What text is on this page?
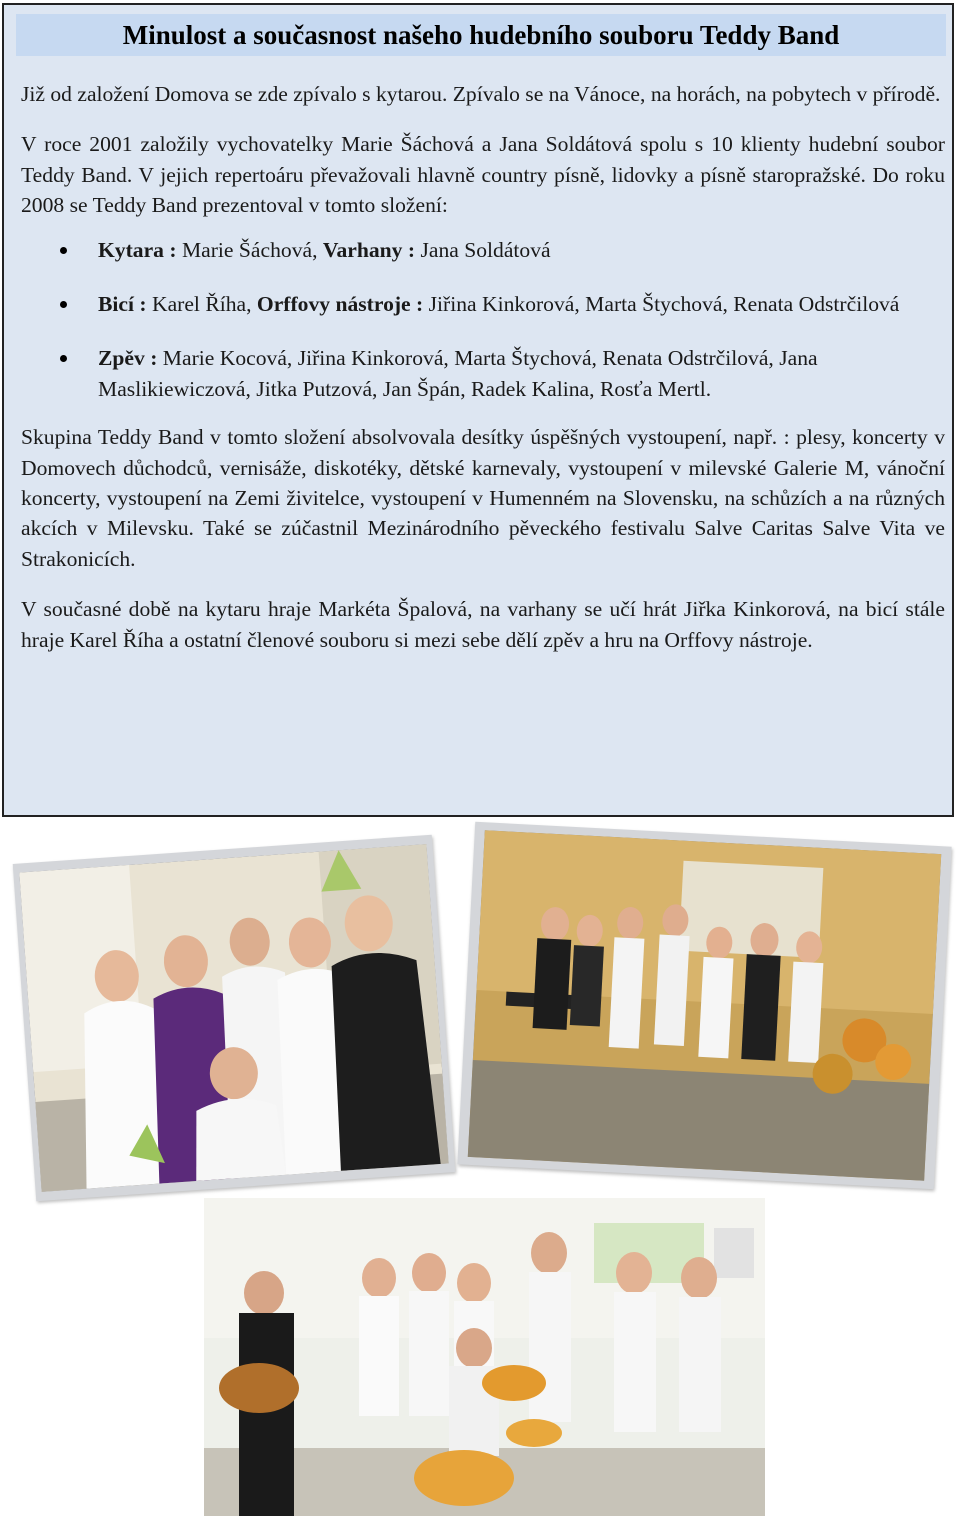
Minulost a současnost našeho hudebního souboru Teddy Band

Již od založení Domova se zde zpívalo s kytarou. Zpívalo se na Vánoce, na horách, na pobytech v přírodě.

V roce 2001 založily vychovatelky Marie Šáchová a Jana Soldátová spolu s 10 klienty hudební soubor Teddy Band. V jejich repertoáru převažovali hlavně country písně, lidovky a písně staropražské. Do roku 2008 se Teddy Band prezentoval v tomto složení:

Kytara : Marie Šáchová, Varhany : Jana Soldátová
Bicí : Karel Říha, Orffovy nástroje : Jiřina Kinkorová, Marta Štychová, Renata Odstrčilová
Zpěv : Marie Kocová, Jiřina Kinkorová, Marta Štychová, Renata Odstrčilová, Jana Maslikiewiczová, Jitka Putzová, Jan Špán, Radek Kalina, Rosťa Mertl.

Skupina Teddy Band v tomto složení absolvovala desítky úspěšných vystoupení, např. : plesy, koncerty v Domovech důchodců, vernisáže, diskotéky, dětské karnevaly, vystoupení v milevské Galerie M, vánoční koncerty, vystoupení na Zemi živitelce, vystoupení v Humenném na Slovensku, na schůzích a na různých akcích v Milevsku. Také se zúčastnil Mezinárodního pěveckého festivalu Salve Caritas Salve Vita ve Strakonicích.

V současné době na kytaru hraje Markéta Špalová, na varhany se učí hrát Jiřka Kinkorová, na bicí stále hraje Karel Říha a ostatní členové souboru si mezi sebe dělí zpěv a hru na Orffovy nástroje.
